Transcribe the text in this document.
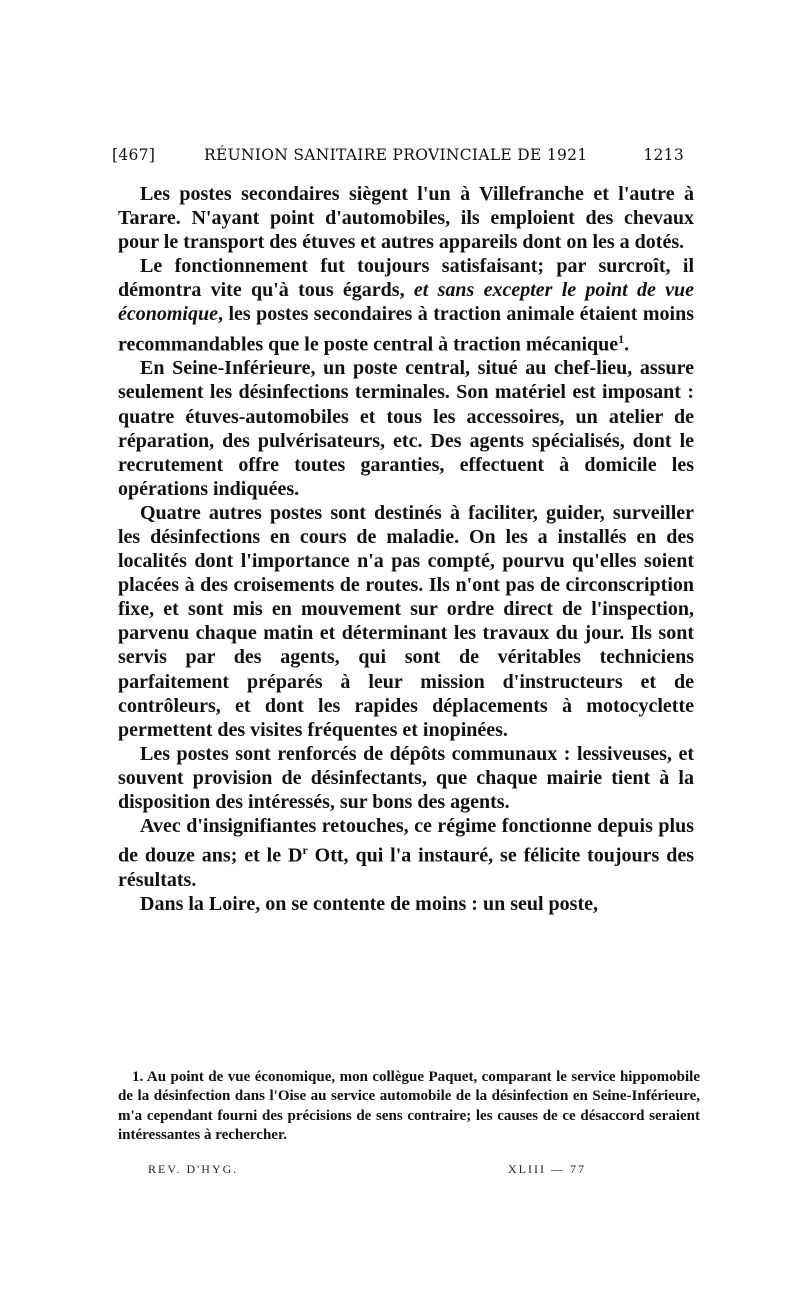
[467]	RÉUNION SANITAIRE PROVINCIALE DE 1921	1213

Les postes secondaires siègent l'un à Villefranche et l'autre à Tarare. N'ayant point d'automobiles, ils emploient des chevaux pour le transport des étuves et autres appareils dont on les a dotés.

Le fonctionnement fut toujours satisfaisant; par surcroît, il démontra vite qu'à tous égards, et sans excepter le point de vue économique, les postes secondaires à traction animale étaient moins recommandables que le poste central à traction mécanique$^1$.

En Seine-Inférieure, un poste central, situé au chef-lieu, assure seulement les désinfections terminales. Son matériel est imposant : quatre étuves-automobiles et tous les accessoires, un atelier de réparation, des pulvérisateurs, etc. Des agents spécialisés, dont le recrutement offre toutes garanties, effectuent à domicile les opérations indiquées.

Quatre autres postes sont destinés à faciliter, guider, surveiller les désinfections en cours de maladie. On les a installés en des localités dont l'importance n'a pas compté, pourvu qu'elles soient placées à des croisements de routes. Ils n'ont pas de circonscription fixe, et sont mis en mouvement sur ordre direct de l'inspection, parvenu chaque matin et déterminant les travaux du jour. Ils sont servis par des agents, qui sont de véritables techniciens parfaitement préparés à leur mission d'instructeurs et de contrôleurs, et dont les rapides déplacements à motocyclette permettent des visites fréquentes et inopinées.

Les postes sont renforcés de dépôts communaux : lessiveuses, et souvent provision de désinfectants, que chaque mairie tient à la disposition des intéressés, sur bons des agents.

Avec d'insignifiantes retouches, ce régime fonctionne depuis plus de douze ans; et le $D^r$ Ott, qui l'a instauré, se félicite toujours des résultats.

Dans la Loire, on se contente de moins : un seul poste,

1. Au point de vue économique, mon collègue Paquet, comparant le service hippomobile de la désinfection dans l'Oise au service automobile de la désinfection en Seine-Inférieure, m'a cependant fourni des précisions de sens contraire; les causes de ce désaccord seraient intéressantes à rechercher.

REV. D'HYG.	XLIII — 77
